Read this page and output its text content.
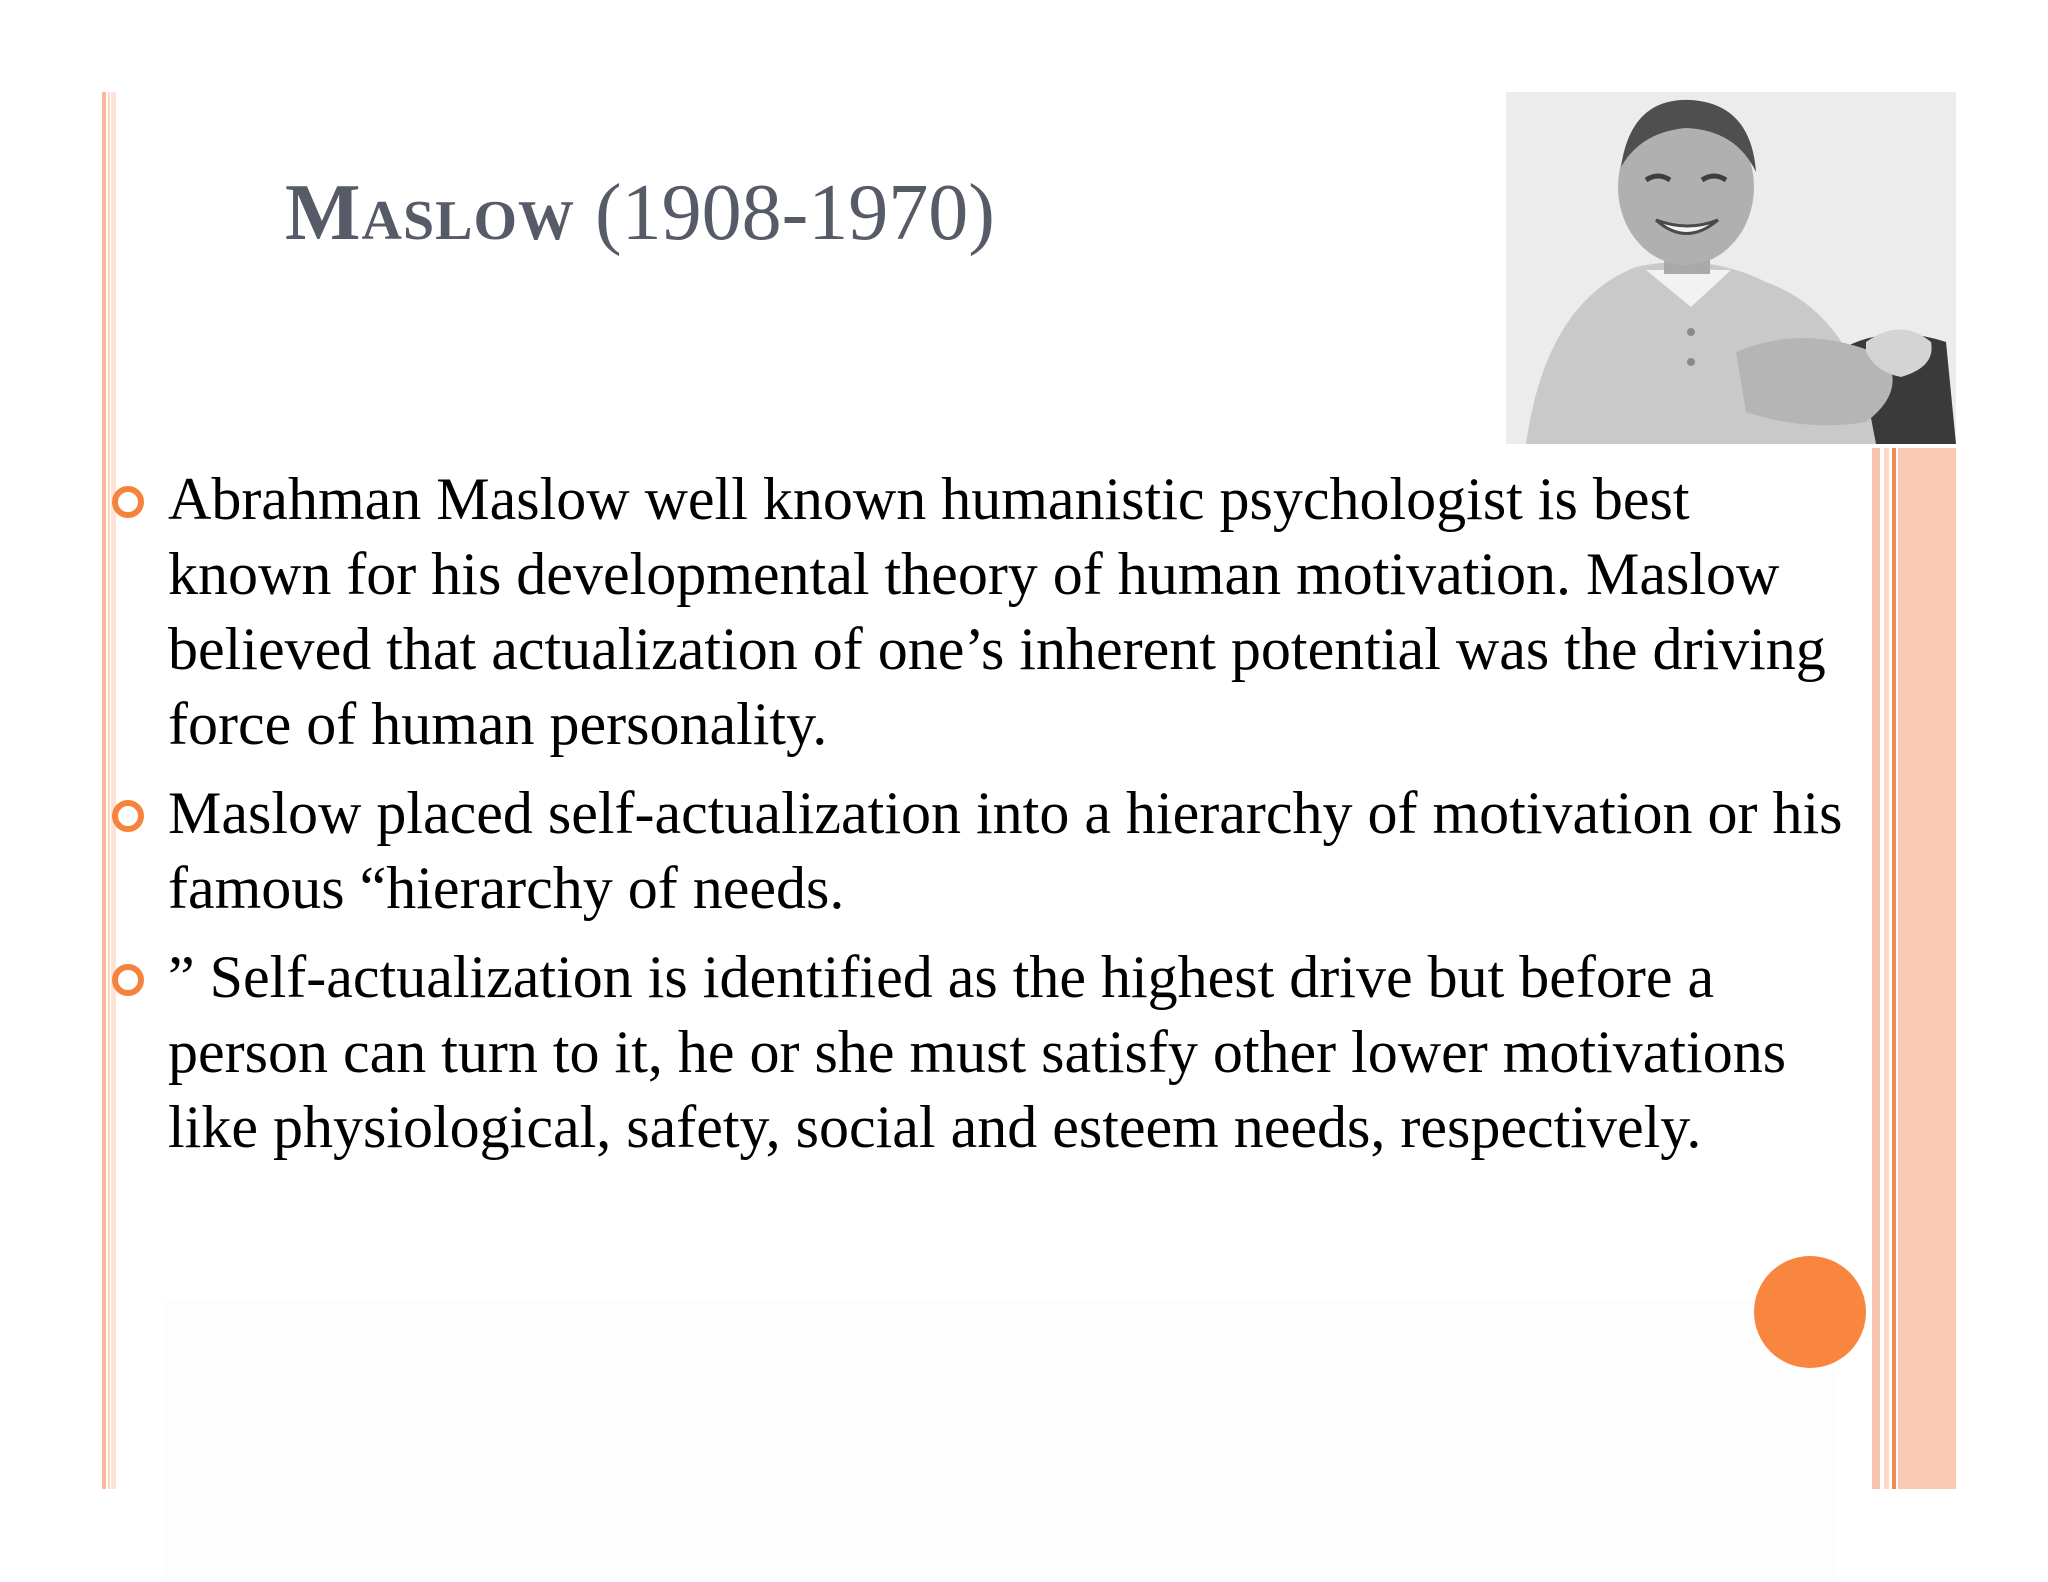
Maslow (1908-1970)
Abrahman Maslow well known humanistic psychologist is best known for his developmental theory of human motivation. Maslow believed that actualization of one’s inherent potential was the driving force of human personality.
Maslow placed self-actualization into a hierarchy of motivation or his famous “hierarchy of needs.
” Self-actualization is identified as the highest drive but before a person can turn to it, he or she must satisfy other lower motivations like physiological, safety, social and esteem needs, respectively.
